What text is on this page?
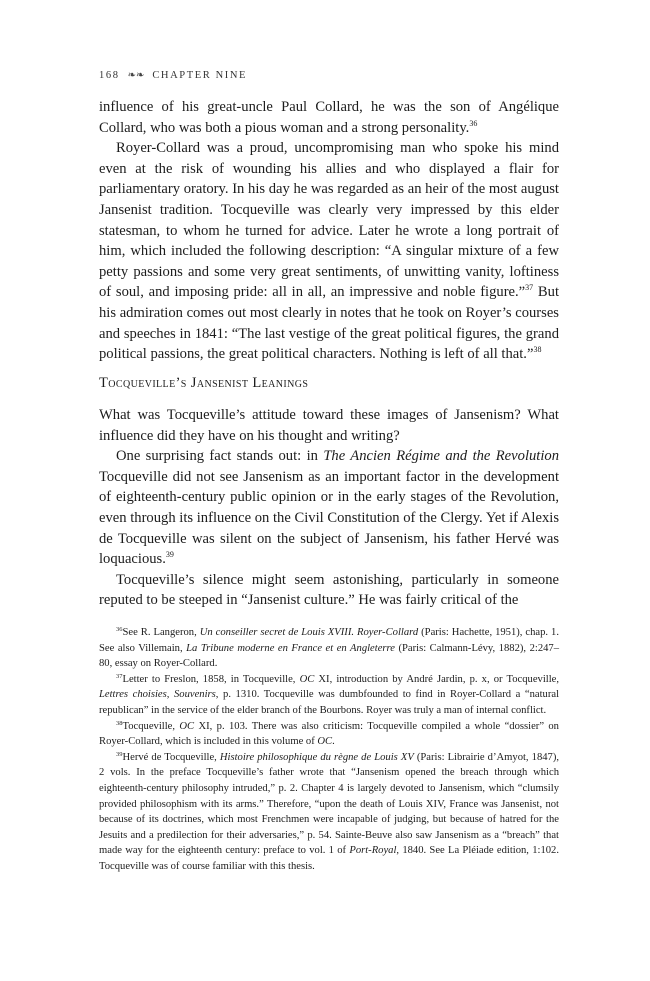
168 ❧❧ CHAPTER NINE

influence of his great-uncle Paul Collard, he was the son of Angélique Collard, who was both a pious woman and a strong personality.$^{36}$

Royer-Collard was a proud, uncompromising man who spoke his mind even at the risk of wounding his allies and who displayed a flair for parliamentary oratory. In his day he was regarded as an heir of the most august Jansenist tradition. Tocqueville was clearly very impressed by this elder statesman, to whom he turned for advice. Later he wrote a long portrait of him, which included the following description: “A singular mixture of a few petty passions and some very great sentiments, of unwitting vanity, loftiness of soul, and imposing pride: all in all, an impressive and noble figure.”$^{37}$ But his admiration comes out most clearly in notes that he took on Royer’s courses and speeches in 1841: “The last vestige of the great political figures, the grand political passions, the great political characters. Nothing is left of all that.”$^{38}$

Tocqueville’s Jansenist Leanings

What was Tocqueville’s attitude toward these images of Jansenism? What influence did they have on his thought and writing?

One surprising fact stands out: in The Ancien Régime and the Revolution Tocqueville did not see Jansenism as an important factor in the development of eighteenth-century public opinion or in the early stages of the Revolution, even through its influence on the Civil Constitution of the Clergy. Yet if Alexis de Tocqueville was silent on the subject of Jansenism, his father Hervé was loquacious.$^{39}$

Tocqueville’s silence might seem astonishing, particularly in someone reputed to be steeped in “Jansenist culture.” He was fairly critical of the

$^{36}$See R. Langeron, Un conseiller secret de Louis XVIII. Royer-Collard (Paris: Hachette, 1951), chap. 1. See also Villemain, La Tribune moderne en France et en Angleterre (Paris: Calmann-Lévy, 1882), 2:247–80, essay on Royer-Collard.

$^{37}$Letter to Freslon, 1858, in Tocqueville, OC XI, introduction by André Jardin, p. x, or Tocqueville, Lettres choisies, Souvenirs, p. 1310. Tocqueville was dumbfounded to find in Royer-Collard a “natural republican” in the service of the elder branch of the Bourbons. Royer was truly a man of internal conflict.

$^{38}$Tocqueville, OC XI, p. 103. There was also criticism: Tocqueville compiled a whole “dossier” on Royer-Collard, which is included in this volume of OC.

$^{39}$Hervé de Tocqueville, Histoire philosophique du règne de Louis XV (Paris: Librairie d’Amyot, 1847), 2 vols. In the preface Tocqueville’s father wrote that “Jansenism opened the breach through which eighteenth-century philosophy intruded,” p. 2. Chapter 4 is largely devoted to Jansenism, which “clumsily provided philosophism with its arms.” Therefore, “upon the death of Louis XIV, France was Jansenist, not because of its doctrines, which most Frenchmen were incapable of judging, but because of hatred for the Jesuits and a predilection for their adversaries,” p. 54. Sainte-Beuve also saw Jansenism as a “breach” that made way for the eighteenth century: preface to vol. 1 of Port-Royal, 1840. See La Pléiade edition, 1:102. Tocqueville was of course familiar with this thesis.
